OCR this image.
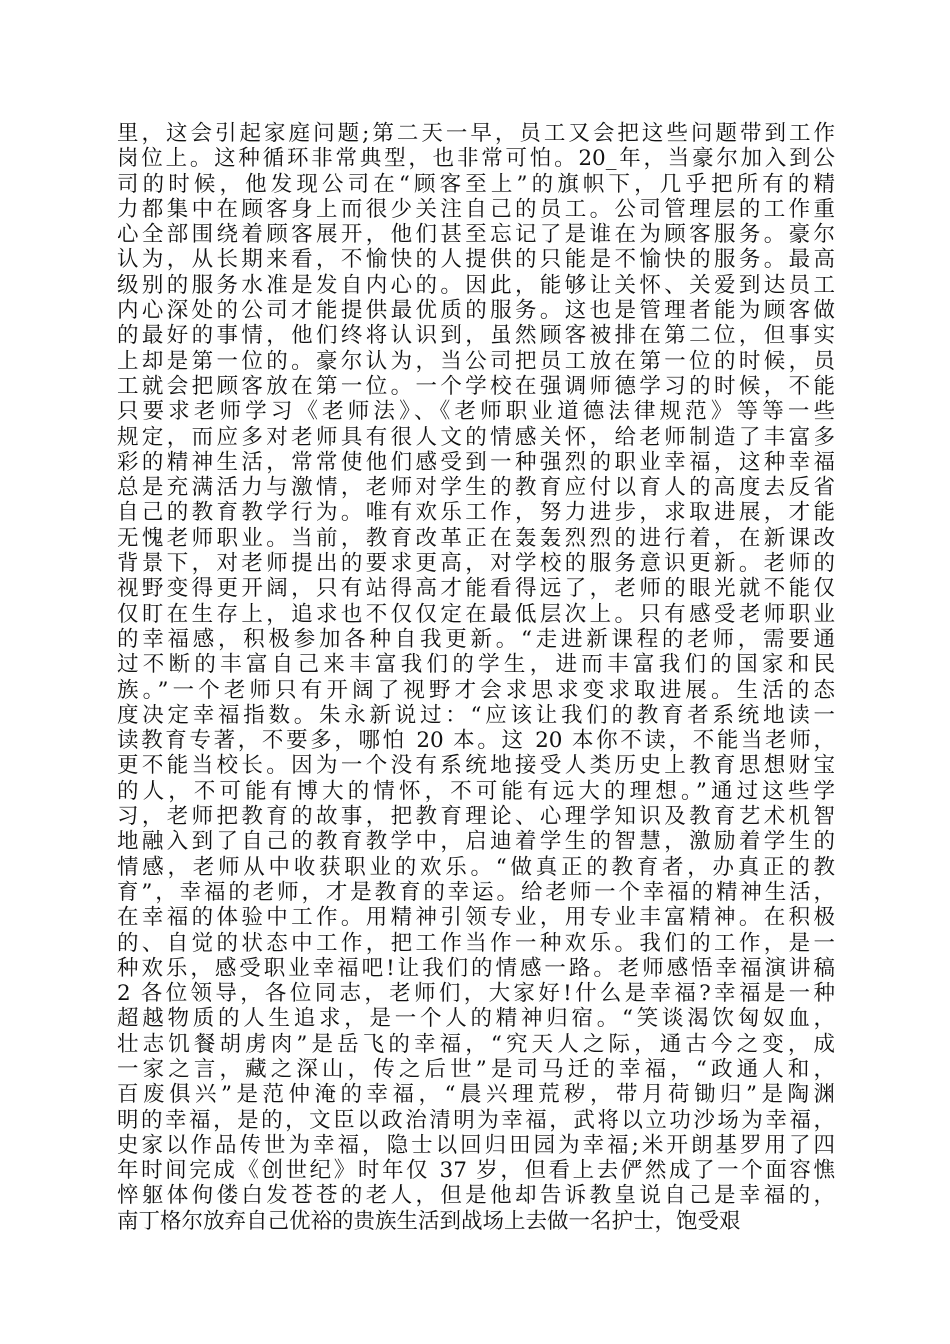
里，这会引起家庭问题;第二天一早，员工又会把这些问题带到工作
岗位上。这种循环非常典型，也非常可怕。20_年，当豪尔加入到公
司的时候，他发现公司在“顾客至上”的旗帜下，几乎把所有的精
力都集中在顾客身上而很少关注自己的员工。公司管理层的工作重
心全部围绕着顾客展开，他们甚至忘记了是谁在为顾客服务。豪尔
认为，从长期来看，不愉快的人提供的只能是不愉快的服务。最高
级别的服务水准是发自内心的。因此，能够让关怀、关爱到达员工
内心深处的公司才能提供最优质的服务。这也是管理者能为顾客做
的最好的事情，他们终将认识到，虽然顾客被排在第二位，但事实
上却是第一位的。豪尔认为，当公司把员工放在第一位的时候，员
工就会把顾客放在第一位。一个学校在强调师德学习的时候，不能
只要求老师学习《老师法》、《老师职业道德法律规范》等等一些
规定，而应多对老师具有很人文的情感关怀，给老师制造了丰富多
彩的精神生活，常常使他们感受到一种强烈的职业幸福，这种幸福
总是充满活力与激情，老师对学生的教育应付以育人的高度去反省
自己的教育教学行为。唯有欢乐工作，努力进步，求取进展，才能
无愧老师职业。当前，教育改革正在轰轰烈烈的进行着，在新课改
背景下，对老师提出的要求更高，对学校的服务意识更新。老师的
视野变得更开阔，只有站得高才能看得远了，老师的眼光就不能仅
仅盯在生存上，追求也不仅仅定在最低层次上。只有感受老师职业
的幸福感，积极参加各种自我更新。“走进新课程的老师，需要通
过不断的丰富自己来丰富我们的学生，进而丰富我们的国家和民
族。”一个老师只有开阔了视野才会求思求变求取进展。生活的态
度决定幸福指数。朱永新说过：“应该让我们的教育者系统地读一
读教育专著，不要多，哪怕 20 本。这 20 本你不读，不能当老师，
更不能当校长。因为一个没有系统地接受人类历史上教育思想财宝
的人，不可能有博大的情怀，不可能有远大的理想。”通过这些学
习，老师把教育的故事，把教育理论、心理学知识及教育艺术机智
地融入到了自己的教育教学中，启迪着学生的智慧，激励着学生的
情感，老师从中收获职业的欢乐。“做真正的教育者，办真正的教
育”，幸福的老师，才是教育的幸运。给老师一个幸福的精神生活，
在幸福的体验中工作。用精神引领专业，用专业丰富精神。在积极
的、自觉的状态中工作，把工作当作一种欢乐。我们的工作，是一
种欢乐，感受职业幸福吧!让我们的情感一路。老师感悟幸福演讲稿
2 各位领导，各位同志，老师们，大家好!什么是幸福?幸福是一种
超越物质的人生追求，是一个人的精神归宿。“笑谈渴饮匈奴血，
壮志饥餐胡虏肉”是岳飞的幸福，“究天人之际，通古今之变，成
一家之言，藏之深山，传之后世”是司马迁的幸福，“政通人和，
百废俱兴”是范仲淹的幸福，“晨兴理荒秽，带月荷锄归”是陶渊
明的幸福，是的，文臣以政治清明为幸福，武将以立功沙场为幸福，
史家以作品传世为幸福，隐士以回归田园为幸福;米开朗基罗用了四
年时间完成《创世纪》时年仅 37 岁，但看上去俨然成了一个面容憔
悴躯体佝偻白发苍苍的老人，但是他却告诉教皇说自己是幸福的，
南丁格尔放弃自己优裕的贵族生活到战场上去做一名护士，饱受艰
